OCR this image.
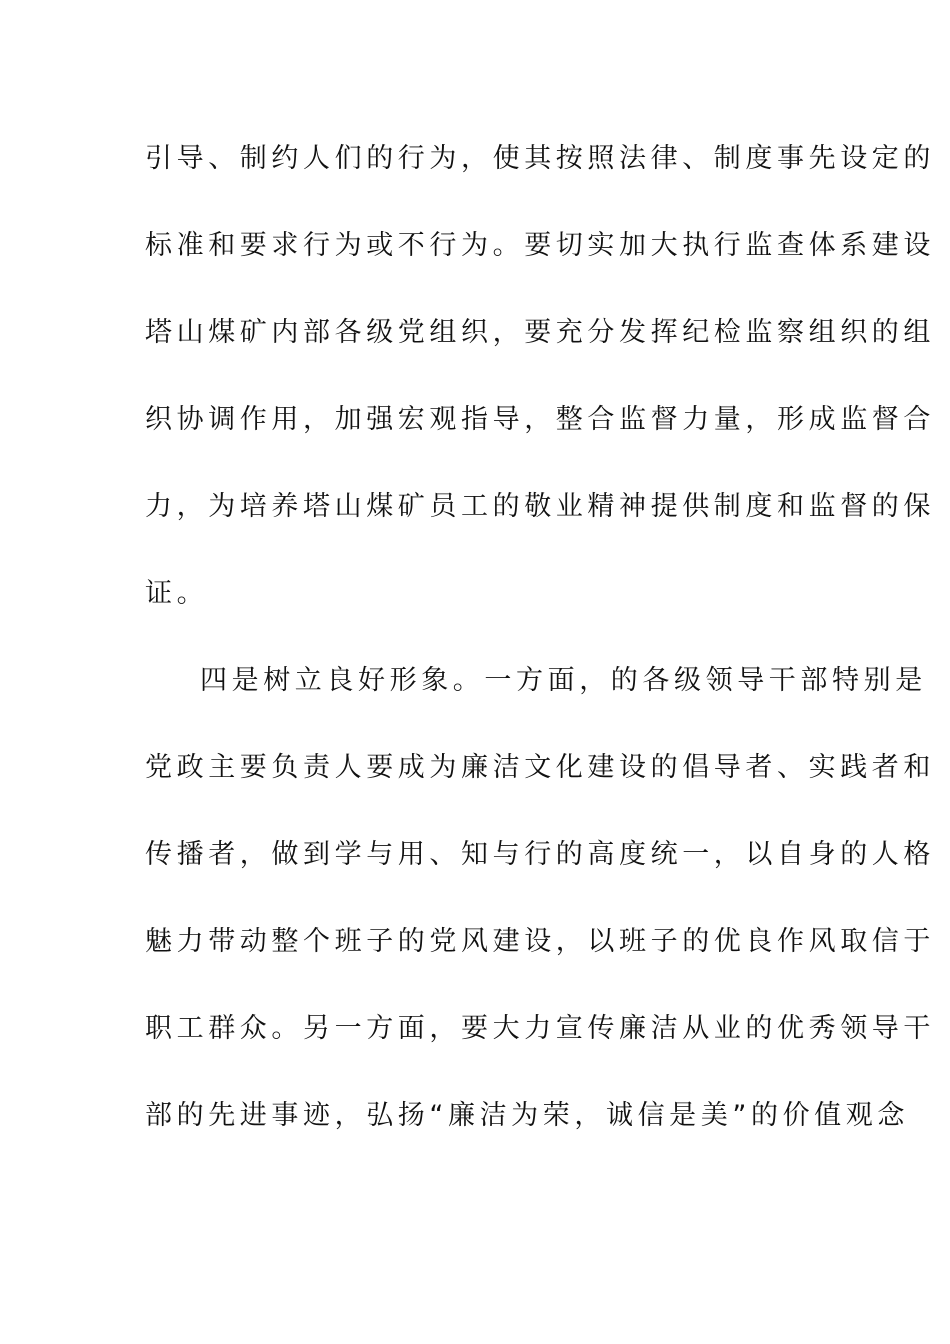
引导、制约人们的行为，使其按照法律、制度事先设定的
标准和要求行为或不行为。要切实加大执行监查体系建设
塔山煤矿内部各级党组织，要充分发挥纪检监察组织的组
织协调作用，加强宏观指导，整合监督力量，形成监督合
力，为培养塔山煤矿员工的敬业精神提供制度和监督的保
证。
四是树立良好形象。一方面，的各级领导干部特别是
党政主要负责人要成为廉洁文化建设的倡导者、实践者和
传播者，做到学与用、知与行的高度统一，以自身的人格
魅力带动整个班子的党风建设，以班子的优良作风取信于
职工群众。另一方面，要大力宣传廉洁从业的优秀领导干
部的先进事迹，弘扬“廉洁为荣，诚信是美”的价值观念
